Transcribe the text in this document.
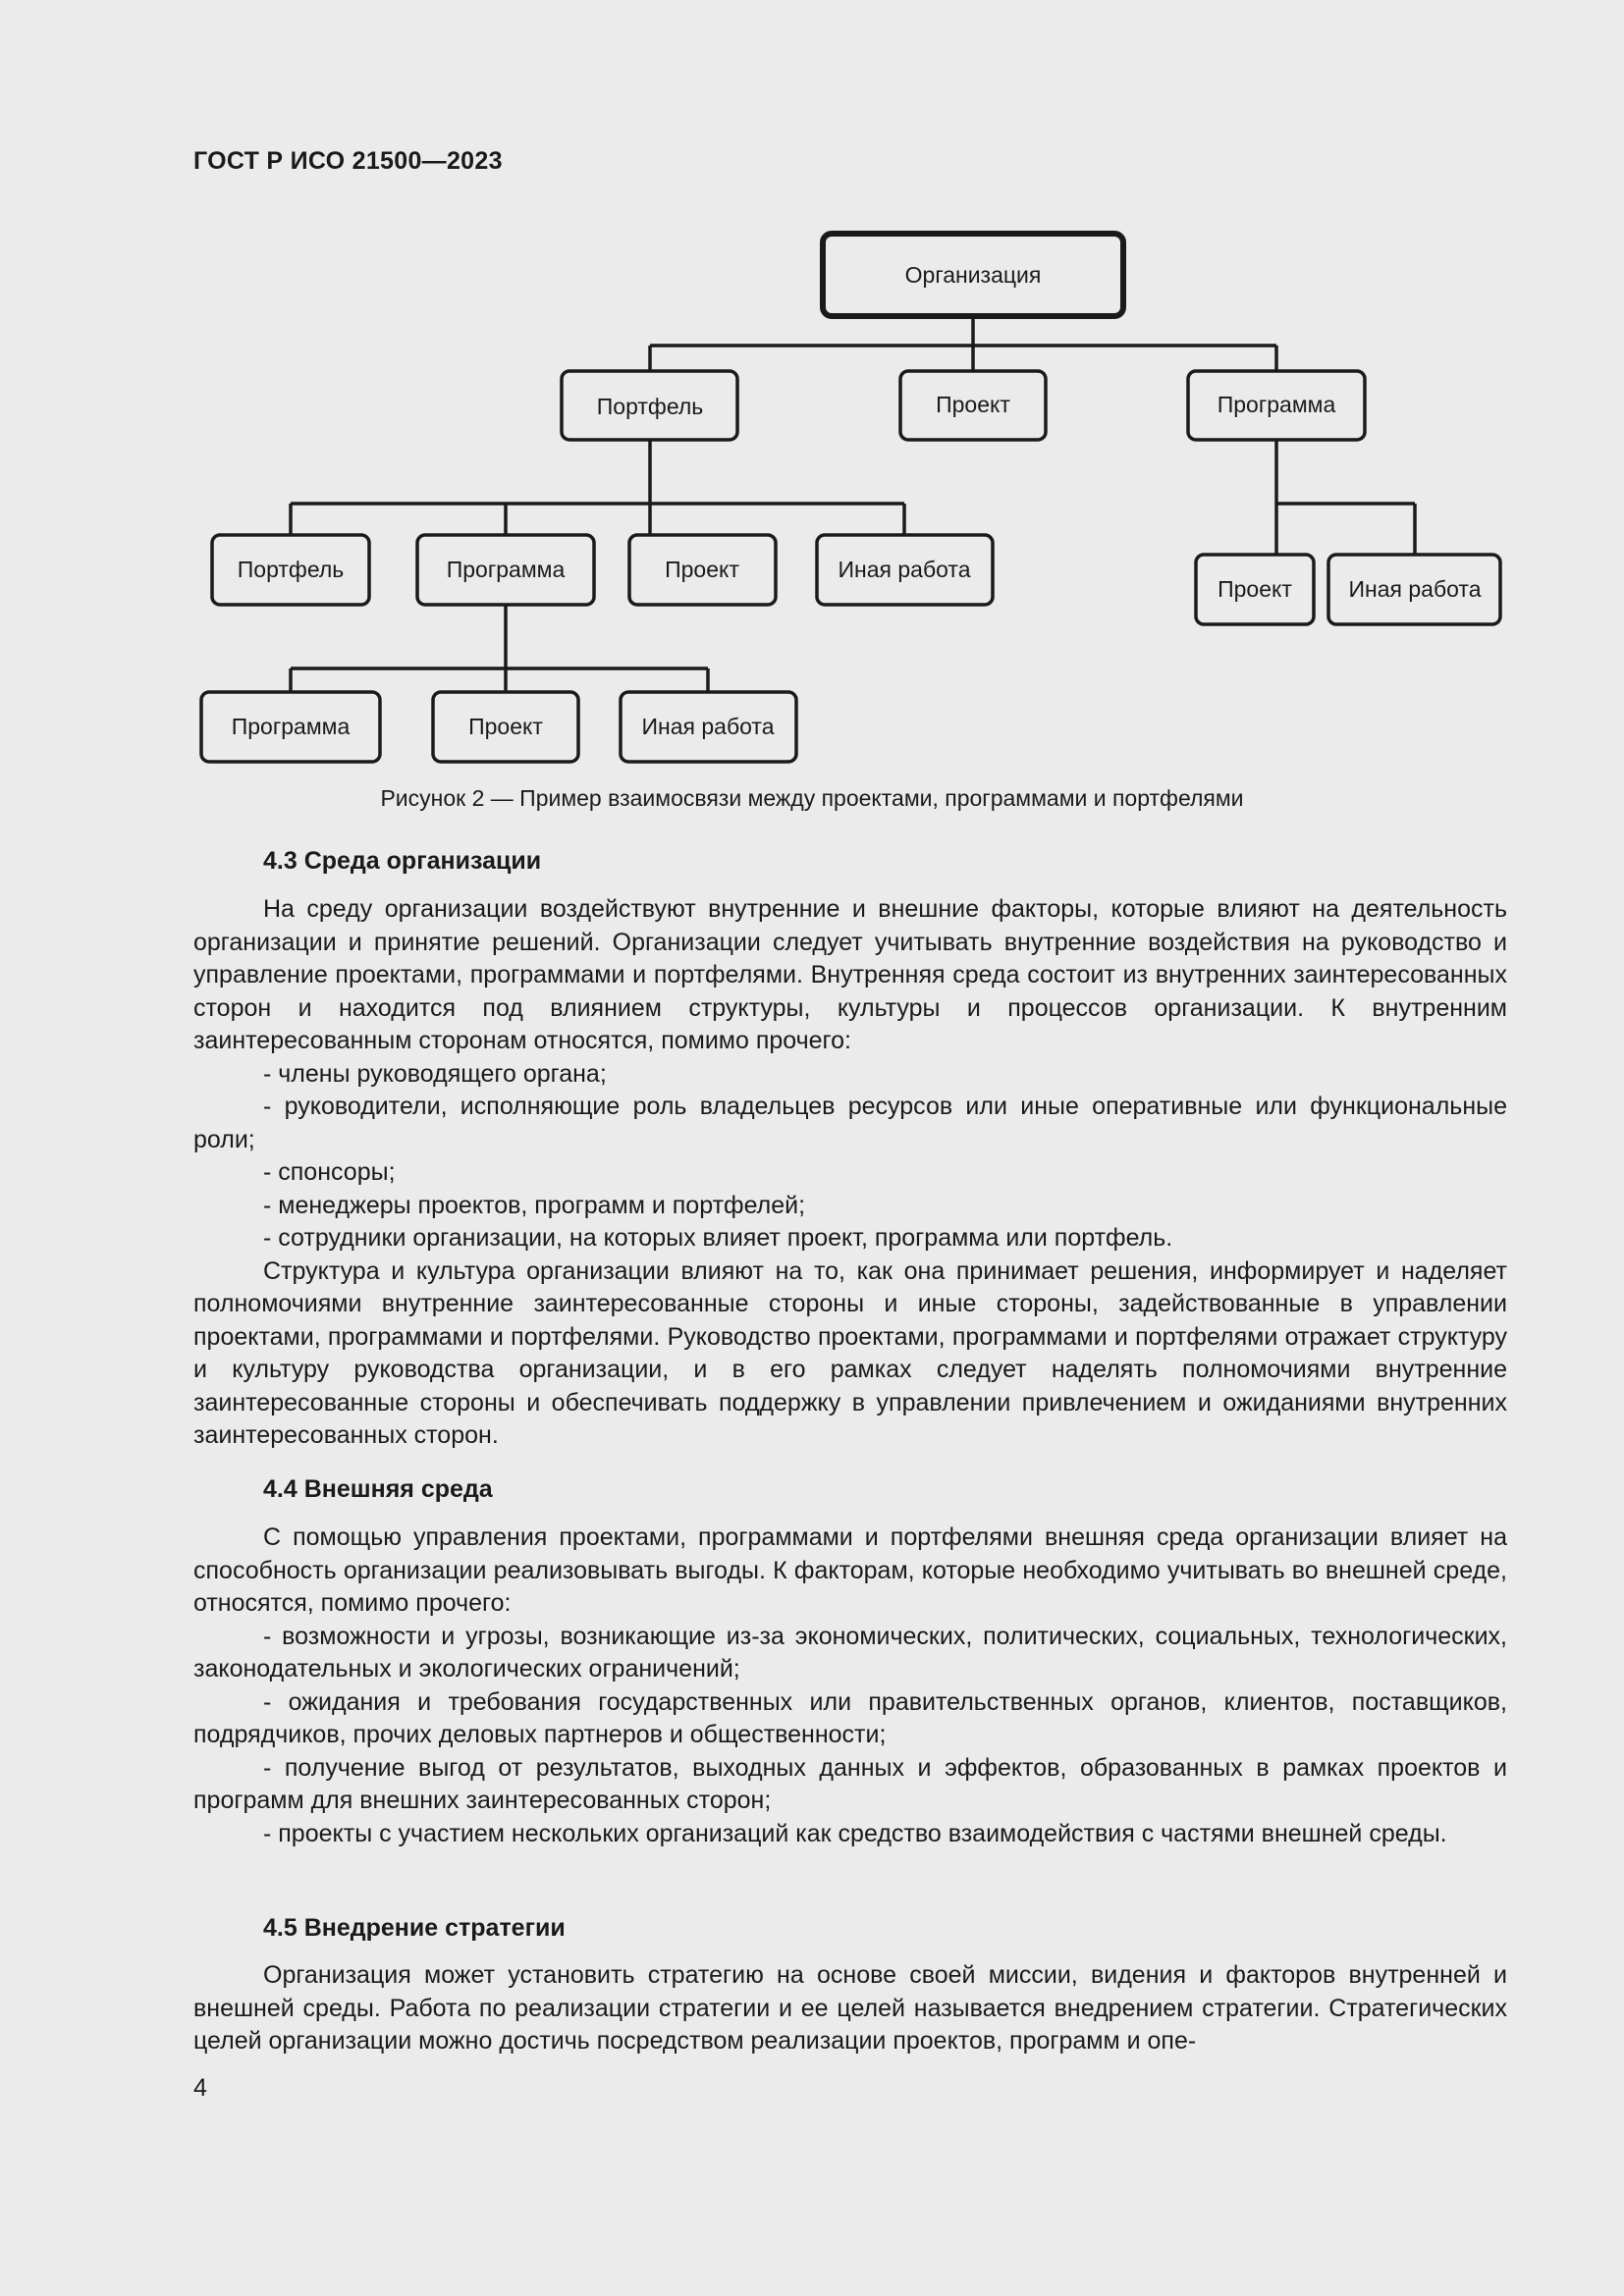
ГОСТ Р ИСО 21500—2023
Организация
Портфель	Проект	Программа
Портфель	Программа	Проект	Иная работа
Проект	Иная работа
Программа	Проект	Иная работа
Рисунок 2 — Пример взаимосвязи между проектами, программами и портфелями
4.3 Среда организации

На среду организации воздействуют внутренние и внешние факторы, которые влияют на деятельность организации и принятие решений. Организации следует учитывать внутренние воздействия на руководство и управление проектами, программами и портфелями. Внутренняя среда состоит из внутренних заинтересованных сторон и находится под влиянием структуры, культуры и процессов организации. К внутренним заинтересованным сторонам относятся, помимо прочего:

- члены руководящего органа;

- руководители, исполняющие роль владельцев ресурсов или иные оперативные или функциональные роли;

- спонсоры;

- менеджеры проектов, программ и портфелей;

- сотрудники организации, на которых влияет проект, программа или портфель.

Структура и культура организации влияют на то, как она принимает решения, информирует и наделяет полномочиями внутренние заинтересованные стороны и иные стороны, задействованные в управлении проектами, программами и портфелями. Руководство проектами, программами и портфелями отражает структуру и культуру руководства организации, и в его рамках следует наделять полномочиями внутренние заинтересованные стороны и обеспечивать поддержку в управлении привлечением и ожиданиями внутренних заинтересованных сторон.

4.4 Внешняя среда

С помощью управления проектами, программами и портфелями внешняя среда организации влияет на способность организации реализовывать выгоды. К факторам, которые необходимо учитывать во внешней среде, относятся, помимо прочего:

- возможности и угрозы, возникающие из-за экономических, политических, социальных, технологических, законодательных и экологических ограничений;

- ожидания и требования государственных или правительственных органов, клиентов, поставщиков, подрядчиков, прочих деловых партнеров и общественности;

- получение выгод от результатов, выходных данных и эффектов, образованных в рамках проектов и программ для внешних заинтересованных сторон;

- проекты с участием нескольких организаций как средство взаимодействия с частями внешней среды.

4.5 Внедрение стратегии

Организация может установить стратегию на основе своей миссии, видения и факторов внутренней и внешней среды. Работа по реализации стратегии и ее целей называется внедрением стратегии. Стратегических целей организации можно достичь посредством реализации проектов, программ и опе-

4
